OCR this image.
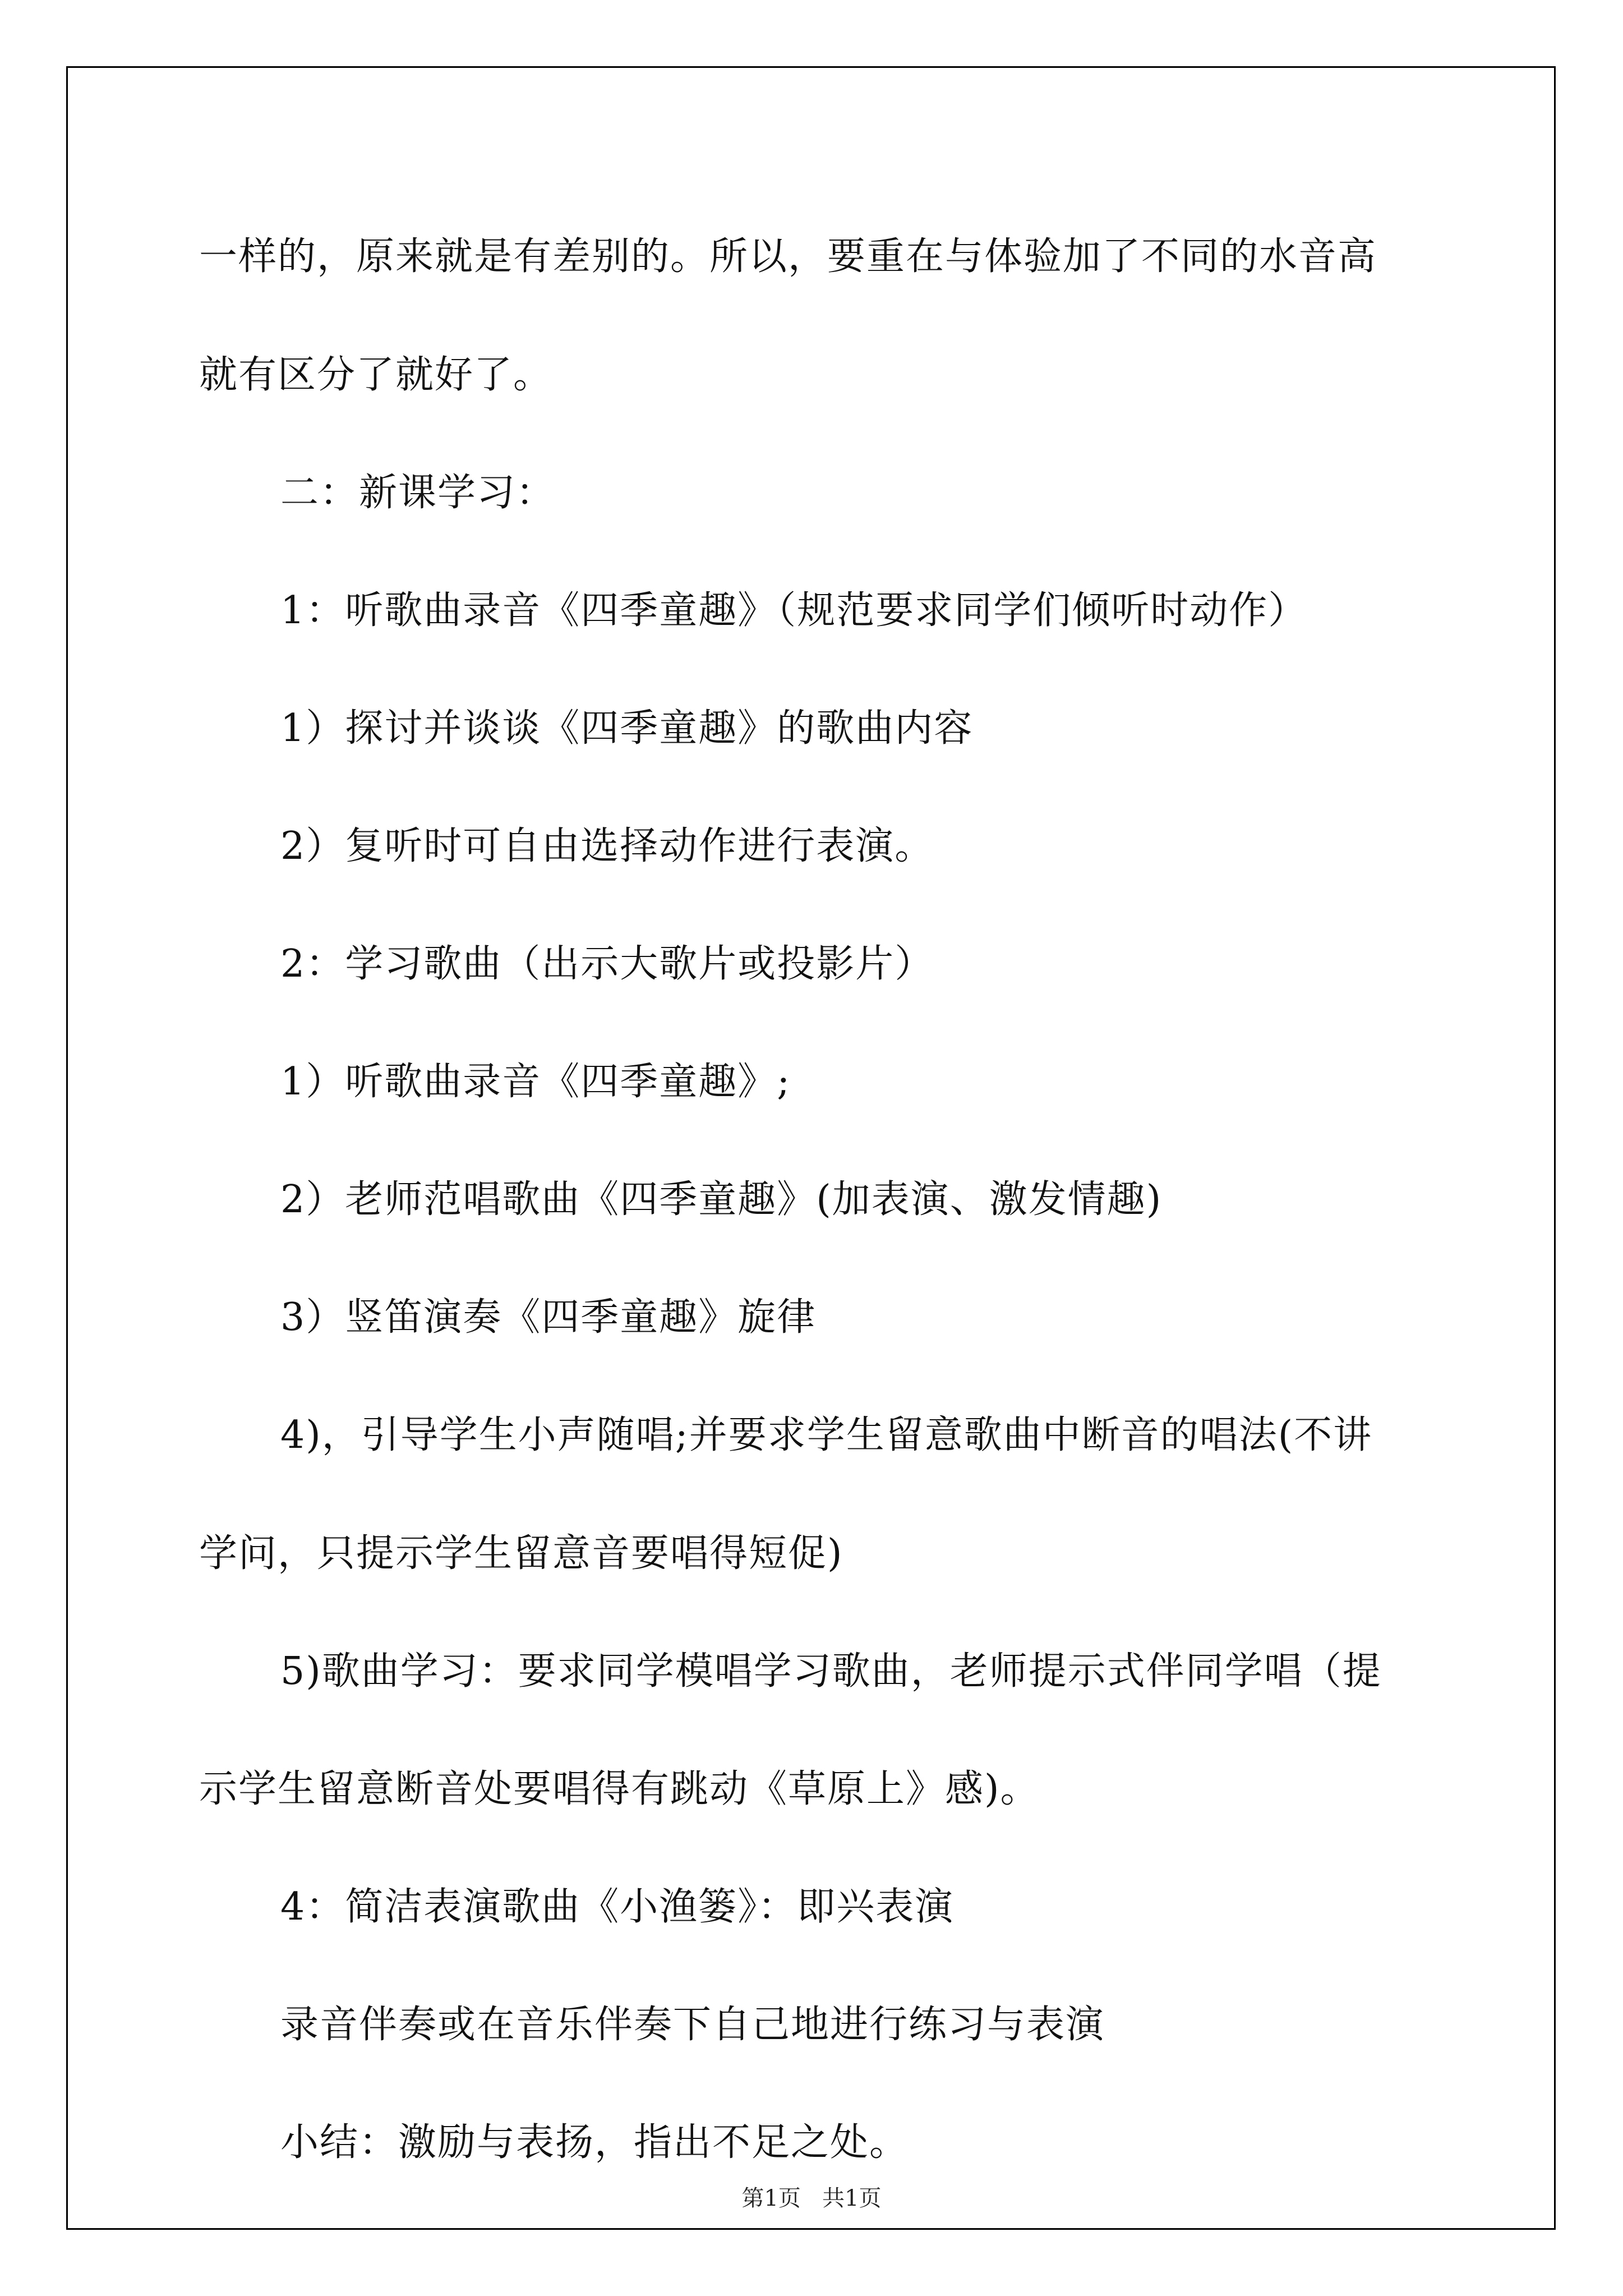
一样的，原来就是有差别的。所以，要重在与体验加了不同的水音高
就有区分了就好了。
二：新课学习：
1：听歌曲录音《四季童趣》（规范要求同学们倾听时动作）
1）探讨并谈谈《四季童趣》的歌曲内容
2）复听时可自由选择动作进行表演。
2：学习歌曲（出示大歌片或投影片）
1）听歌曲录音《四季童趣》;
2）老师范唱歌曲《四季童趣》(加表演、激发情趣)
3）竖笛演奏《四季童趣》旋律
4)，引导学生小声随唱;并要求学生留意歌曲中断音的唱法(不讲
学问，只提示学生留意音要唱得短促)
5)歌曲学习：要求同学模唱学习歌曲，老师提示式伴同学唱（提
示学生留意断音处要唱得有跳动《草原上》感)。
4：简洁表演歌曲《小渔篓》：即兴表演
录音伴奏或在音乐伴奏下自己地进行练习与表演
小结：激励与表扬，指出不足之处。
第1页   共1页
